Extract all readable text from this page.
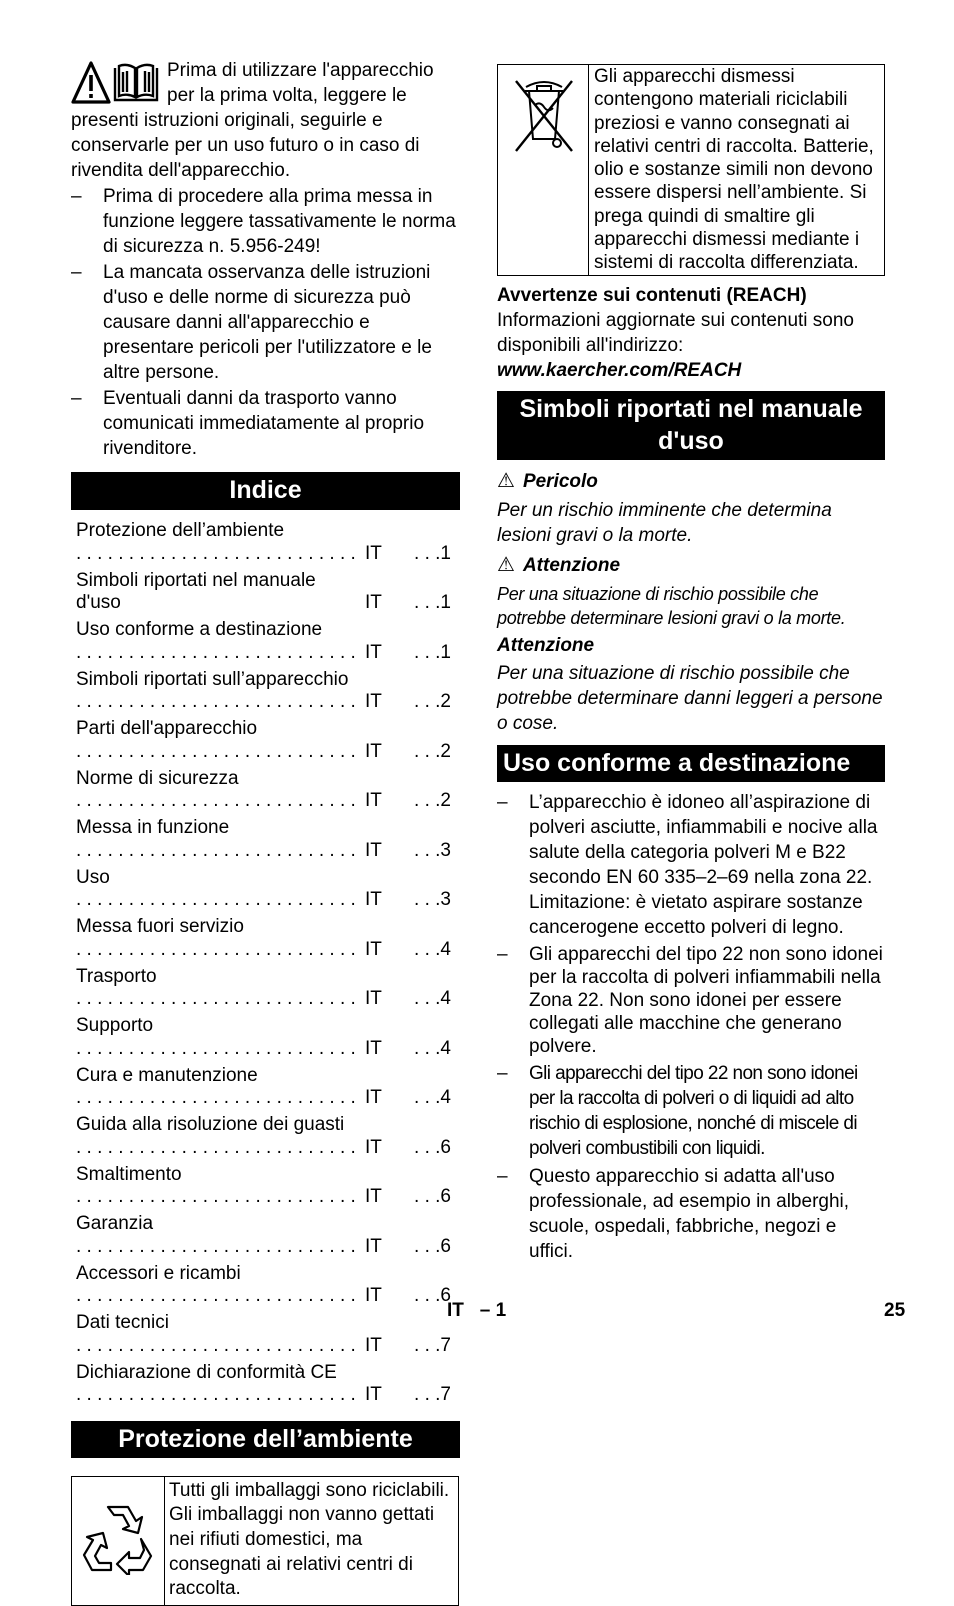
Prima di utilizzare l'apparecchio per la prima volta, leggere le presenti istruzioni originali, seguirle e conservarle per un uso futuro o in caso di rivendita dell'apparecchio.

– Prima di procedere alla prima messa in funzione leggere tassativamente le norma di sicurezza n. 5.956-249!
– La mancata osservanza delle istruzioni d'uso e delle norme di sicurezza può causare danni all'apparecchio e presentare pericoli per l'utilizzatore e le altre persone.
– Eventuali danni da trasporto vanno comunicati immediatamente al proprio rivenditore.
Indice
Protezione dell’ambiente . . . . . . . . . . . . . . . . . . . . . . . . . . . IT	. . .1
Simboli riportati nel manuale d'uso	IT	. . .1
Uso conforme a destinazione . . . . . . . . . . . . . . . . . . . . . . . . . . . IT	. . .1
Simboli riportati sull’apparecchio . . . . . . . . . . . . . . . . . . . . . . . . . . . IT	. . .2
Parti dell'apparecchio . . . . . . . . . . . . . . . . . . . . . . . . . . . IT	. . .2
Norme di sicurezza . . . . . . . . . . . . . . . . . . . . . . . . . . . IT	. . .2
Messa in funzione . . . . . . . . . . . . . . . . . . . . . . . . . . . IT	. . .3
Uso . . . . . . . . . . . . . . . . . . . . . . . . . . . IT	. . .3
Messa fuori servizio . . . . . . . . . . . . . . . . . . . . . . . . . . . IT	. . .4
Trasporto . . . . . . . . . . . . . . . . . . . . . . . . . . . IT	. . .4
Supporto . . . . . . . . . . . . . . . . . . . . . . . . . . . IT	. . .4
Cura e manutenzione . . . . . . . . . . . . . . . . . . . . . . . . . . . IT	. . .4
Guida alla risoluzione dei guasti . . . . . . . . . . . . . . . . . . . . . . . . . . . IT	. . .6
Smaltimento . . . . . . . . . . . . . . . . . . . . . . . . . . . IT	. . .6
Garanzia . . . . . . . . . . . . . . . . . . . . . . . . . . . IT	. . .6
Accessori e ricambi . . . . . . . . . . . . . . . . . . . . . . . . . . . IT	. . .6
Dati tecnici . . . . . . . . . . . . . . . . . . . . . . . . . . . IT	. . .7
Dichiarazione di conformità CE . . . . . . . . . . . . . . . . . . . . . . . . . . . IT	. . .7
Protezione dell’ambiente
	Tutti gli imballaggi sono riciclabili. Gli imballaggi non vanno gettati nei rifiuti domestici, ma consegnati ai relativi centri di raccolta.
	Gli apparecchi dismessi contengono materiali riciclabili preziosi e vanno consegnati ai relativi centri di raccolta. Batterie, olio e sostanze simili non devono essere dispersi nell’ambiente. Si prega quindi di smaltire gli apparecchi dismessi mediante i sistemi di raccolta differenziata.

Avvertenze sui contenuti (REACH)

Informazioni aggiornate sui contenuti sono disponibili all'indirizzo:

www.kaercher.com/REACH

Simboli riportati nel manuale d'uso
⚠ Pericolo

Per un rischio imminente che determina lesioni gravi o la morte.

⚠ Attenzione

Per una situazione di rischio possibile che potrebbe determinare lesioni gravi o la morte.

Attenzione

Per una situazione di rischio possibile che potrebbe determinare danni leggeri a persone o cose.

Uso conforme a destinazione
– L’apparecchio è idoneo all’aspirazione di polveri asciutte, infiammabili e nocive alla salute della categoria polveri M e B22 secondo EN 60 335–2–69 nella zona 22. Limitazione: è vietato aspirare sostanze cancerogene eccetto polveri di legno.
– Gli apparecchi del tipo 22 non sono idonei per la raccolta di polveri infiammabili nella Zona 22. Non sono idonei per essere collegati alle macchine che generano polvere.
– Gli apparecchi del tipo 22 non sono idonei per la raccolta di polveri o di liquidi ad alto rischio di esplosione, nonché di miscele di polveri combustibili con liquidi.
– Questo apparecchio si adatta all'uso professionale, ad esempio in alberghi, scuole, ospedali, fabbriche, negozi e uffici.
IT   – 1	25
